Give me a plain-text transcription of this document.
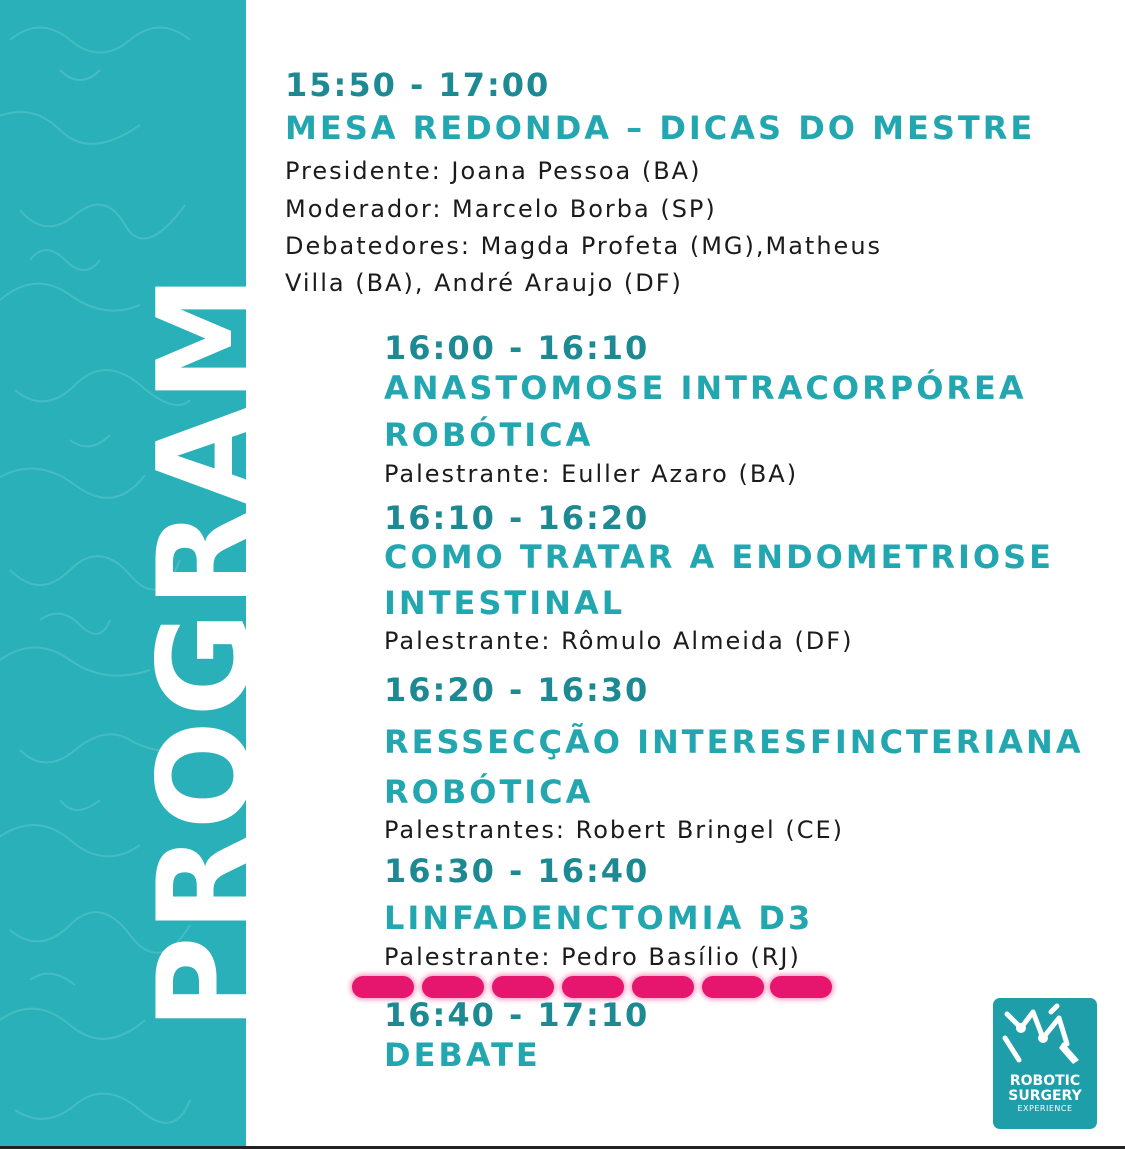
PROGRAM
15:50 - 17:00
MESA REDONDA – DICAS DO MESTRE
Presidente: Joana Pessoa (BA)
Moderador: Marcelo Borba (SP)
Debatedores: Magda Profeta (MG),Matheus
Villa (BA), André Araujo (DF)
16:00 - 16:10
ANASTOMOSE INTRACORPÓREA
ROBÓTICA
Palestrante: Euller Azaro (BA)
16:10 - 16:20
COMO TRATAR A ENDOMETRIOSE
INTESTINAL
Palestrante: Rômulo Almeida (DF)
16:20 - 16:30
RESSECÇÃO INTERESFINCTERIANA
ROBÓTICA
Palestrantes: Robert Bringel (CE)
16:30 - 16:40
LINFADENCTOMIA D3
Palestrante: Pedro Basílio (RJ)
16:40 - 17:10
DEBATE
ROBOTIC
SURGERY
EXPERIENCE
